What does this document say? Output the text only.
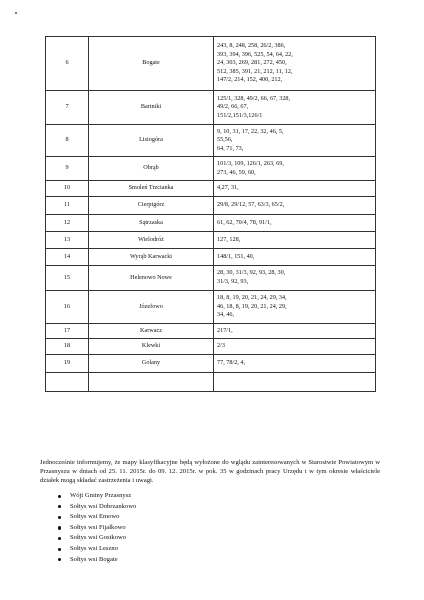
6	Bogate	243, 8, 248, 258, 26/2, 386,
393, 394, 396, 525, 54, 64, 22,
24, 303, 269, 281, 272, 450,
512, 385, 391, 21, 212, 11, 12,
147/2, 214, 152, 400, 212,

7	Bartniki	125/1, 328, 49/2, 66, 67, 328,
49/2, 66, 67,
151/2,151/3,126/1

8	Lisiogóra	9, 10, 31, 17, 22, 32, 46, 5,
55,56,
64, 71, 73,

9	Obrąb	101/3, 109, 126/1, 263, 69,
273, 46, 59, 60,

10	Smoleń Trzcianka	4,27, 31,

11	Cierpigórz	29/8, 29/12, 57, 63/3, 65/2,

12	Sątrzaska	61, 62, 70/4, 78, 91/1,

13	Wielodróż	127, 128,

14	Wyrąb Karwacki	148/1, 151, 40,

15	Helenowo Nowe	28, 30, 31/3, 92, 93, 28, 30,
31/3, 92, 93,

16	Józefowo	18, 8, 19, 20, 21, 24, 29, 34,
46, 18, 8, 19, 20, 21, 24, 29,
34, 46,

17	Karwacz	217/1,

18	Klewki	2/3

19	Golany	77, 78/2, 4,

Jednocześnie informujemy, że mapy klasyfikacyjne będą wyłożone do wglądu zainteresowanych w Starostwie Powiatowym w Przasnyszu w dniach od 25. 11. 2015r. do 09. 12. 2015r. w pok. 35 w godzinach pracy Urzędu i w tym okresie właściciele działek mogą składać zastrzeżenia i uwagi.

Wójt Gminy Przasnysz
Sołtys wsi Dobrzankowo
Sołtys wsi Emowo
Sołtys wsi Fijałkowo
Sołtys wsi Gostkowo
Sołtys wsi Leszno
Sołtys wsi Bogate
